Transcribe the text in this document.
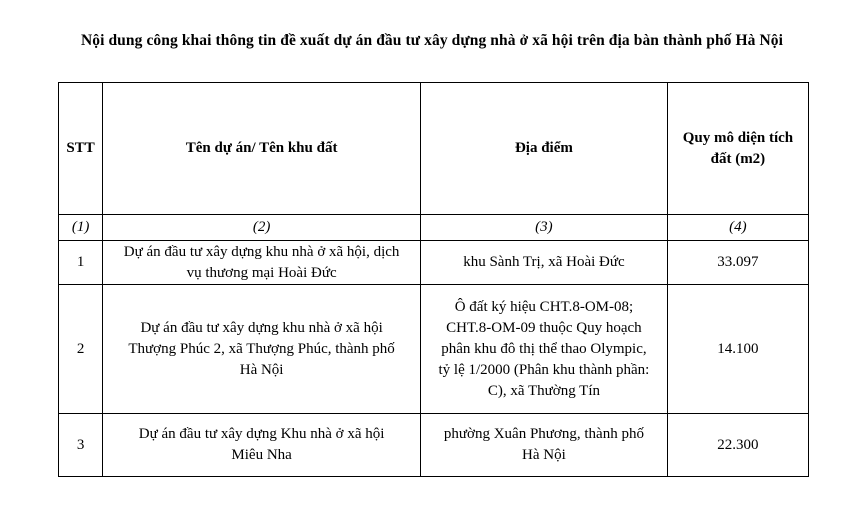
Nội dung công khai thông tin đề xuất dự án đầu tư xây dựng nhà ở xã hội trên địa bàn thành phố Hà Nội
STT	Tên dự án/ Tên khu đất	Địa điểm	Quy mô diện tích
đất (m2)
(1)	(2)	(3)	(4)
1	Dự án đầu tư xây dựng khu nhà ở xã hội, dịch
vụ thương mại Hoài Đức	khu Sành Trị, xã Hoài Đức	33.097
2	Dự án đầu tư xây dựng khu nhà ở xã hội
Thượng Phúc 2, xã Thượng Phúc, thành phố
Hà Nội	Ô đất ký hiệu CHT.8-OM-08;
CHT.8-OM-09 thuộc Quy hoạch
phân khu đô thị thể thao Olympic,
tỷ lệ 1/2000 (Phân khu thành phần:
C), xã Thường Tín	14.100
3	Dự án đầu tư xây dựng Khu nhà ở xã hội
Miêu Nha	phường Xuân Phương, thành phố
Hà Nội	22.300
